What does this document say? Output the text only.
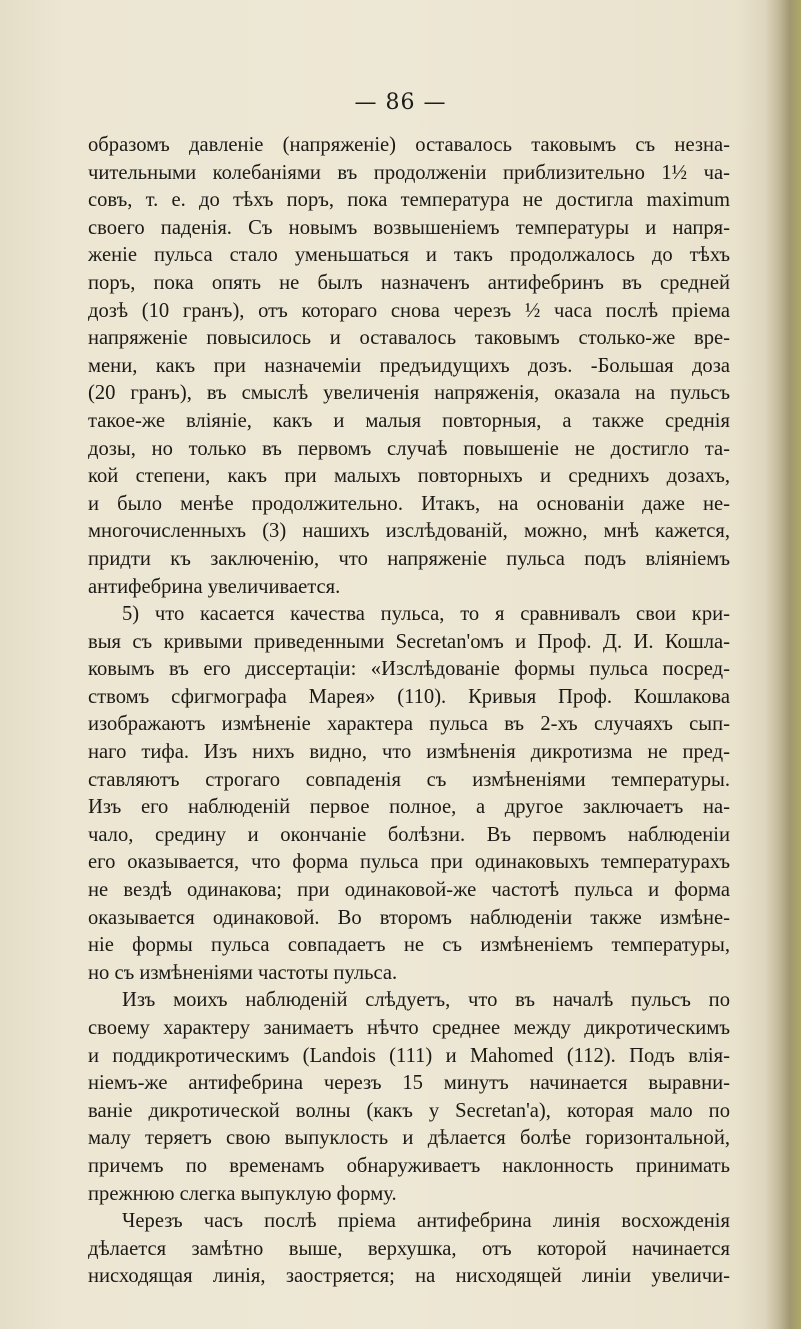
— 86 —
образомъ давленіе (напряженіе) оставалось таковымъ съ незна-
чительными колебаніями въ продолженіи приблизительно 1½ ча-
совъ, т. е. до тѣхъ поръ, пока температура не достигла maximum
своего паденія. Съ новымъ возвышеніемъ температуры и напря-
женіе пульса стало уменьшаться и такъ продолжалось до тѣхъ
поръ, пока опять не былъ назначенъ антифебринъ въ средней
дозѣ (10 гранъ), отъ котораго снова черезъ ½ часа послѣ пріема
напряженіе повысилось и оставалось таковымъ столько-же вре-
мени, какъ при назначеміи предъидущихъ дозъ. -Большая доза
(20 гранъ), въ смыслѣ увеличенія напряженія, оказала на пульсъ
такое-же вліяніе, какъ и малыя повторныя, а также среднія
дозы, но только въ первомъ случаѣ повышеніе не достигло та-
кой степени, какъ при малыхъ повторныхъ и среднихъ дозахъ,
и было менѣе продолжительно. Итакъ, на основаніи даже не-
многочисленныхъ (3) нашихъ изслѣдованій, можно, мнѣ кажется,
придти къ заключенію, что напряженіе пульса подъ вліяніемъ
антифебрина увеличивается.
5) что касается качества пульса, то я сравнивалъ свои кри-
выя съ кривыми приведенными Secretan'омъ и Проф. Д. И. Кошла-
ковымъ въ его диссертаціи: «Изслѣдованіе формы пульса посред-
ствомъ сфигмографа Марея» (110). Кривыя Проф. Кошлакова
изображаютъ измѣненіе характера пульса въ 2-хъ случаяхъ сып-
наго тифа. Изъ нихъ видно, что измѣненія дикротизма не пред-
ставляютъ строгаго совпаденія съ измѣненіями температуры.
Изъ его наблюденій первое полное, а другое заключаетъ на-
чало, средину и окончаніе болѣзни. Въ первомъ наблюденіи
его оказывается, что форма пульса при одинаковыхъ температурахъ
не вездѣ одинакова; при одинаковой-же частотѣ пульса и форма
оказывается одинаковой. Во второмъ наблюденіи также измѣне-
ніе формы пульса совпадаетъ не съ измѣненіемъ температуры,
но съ измѣненіями частоты пульса.
Изъ моихъ наблюденій слѣдуетъ, что въ началѣ пульсъ по
своему характеру занимаетъ нѣчто среднее между дикротическимъ
и поддикротическимъ (Landois (111) и Mahomed (112). Подъ влія-
ніемъ-же антифебрина черезъ 15 минутъ начинается выравни-
ваніе дикротической волны (какъ у Secretan'a), которая мало по
малу теряетъ свою выпуклость и дѣлается болѣе горизонтальной,
причемъ по временамъ обнаруживаетъ наклонность принимать
прежнюю слегка выпуклую форму.
Черезъ часъ послѣ пріема антифебрина линія восхожденія
дѣлается замѣтно выше, верхушка, отъ которой начинается
нисходящая линія, заостряется; на нисходящей линіи увеличи-
